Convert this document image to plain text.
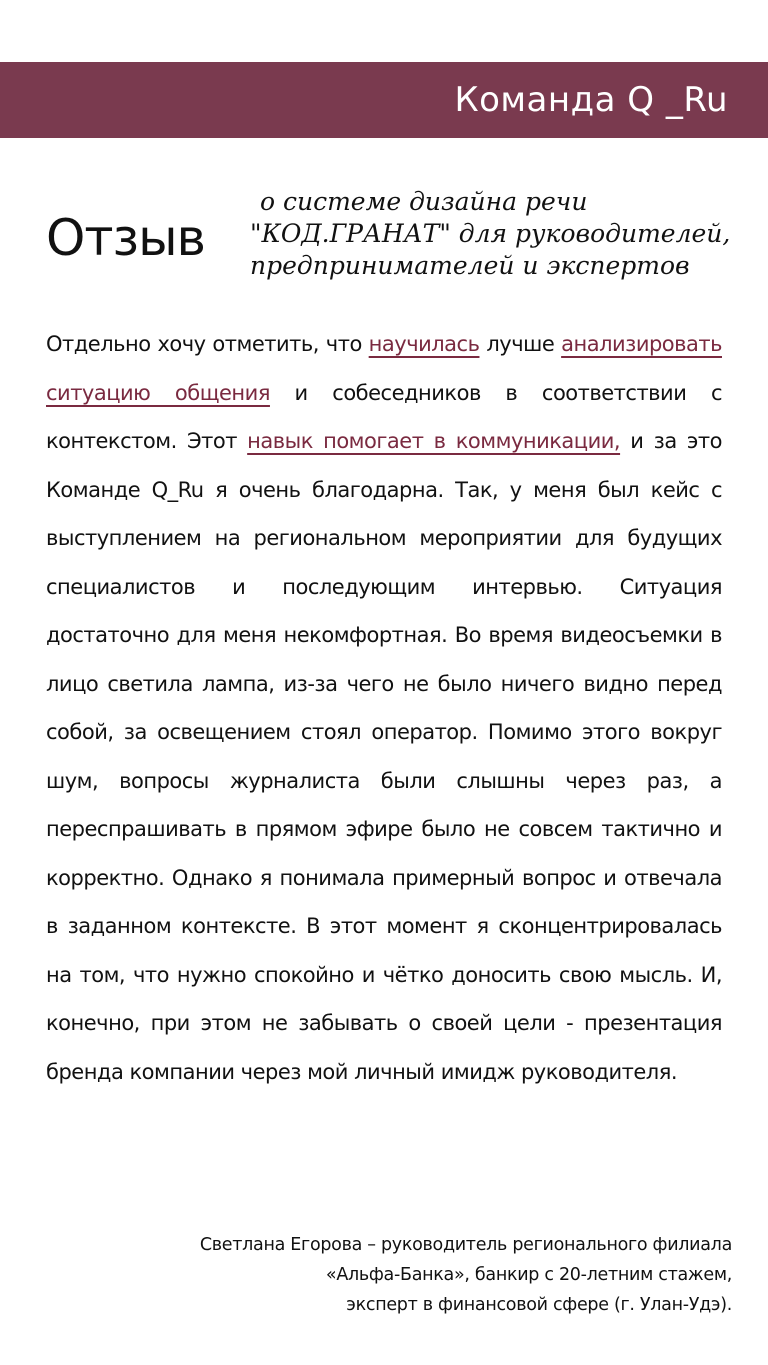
Команда Q _Ru
Отзыв
о системе дизайна речи
"КОД.ГРАНАТ" для руководителей,
предпринимателей и экспертов
Отдельно хочу отметить, что научилась лучше анализировать ситуацию общения и собеседников в соответствии с контекстом. Этот навык помогает в коммуникации, и за это Команде Q_Ru я очень благодарна. Так, у меня был кейс с выступлением на региональном мероприятии для будущих специалистов и последующим интервью. Ситуация достаточно для меня некомфортная. Во время видеосъемки в лицо светила лампа, из-за чего не было ничего видно перед собой, за освещением стоял оператор. Помимо этого вокруг шум, вопросы журналиста были слышны через раз, а переспрашивать в прямом эфире было не совсем тактично и корректно. Однако я понимала примерный вопрос и отвечала в заданном контексте. В этот момент я сконцентрировалась на том, что нужно спокойно и чётко доносить свою мысль. И, конечно, при этом не забывать о своей цели - презентация бренда компании через мой личный имидж руководителя.
Светлана Егорова – руководитель регионального филиала
«Альфа-Банка», банкир с 20-летним стажем,
эксперт в финансовой сфере (г. Улан-Удэ).
